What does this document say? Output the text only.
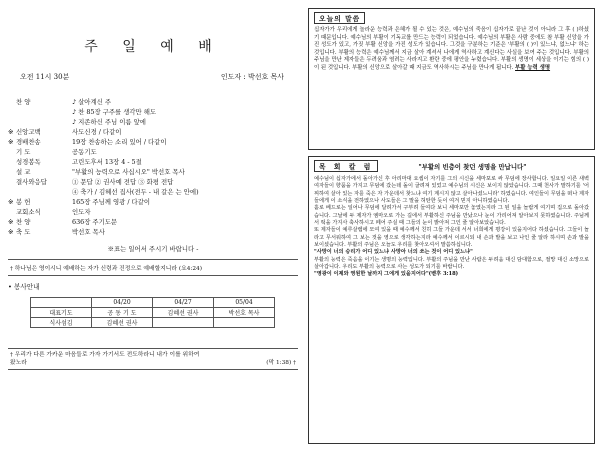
주 일 예 배
오전 11시 30분	인도자 : 박선호 목사
찬 양	♪ 살아계신 주
♪ 찬 85장 구주를 생각만 해도
♪ 지존하신 주님 이름 앞에
※ 신앙고백	사도신경 / 다같이
※ 경배찬송	19장 찬송하는 소리 있어 / 다같이
기 도	공동기도
성경봉독	고린도후서 13장 4 - 5절
설 교	"부활의 능력으로 사십시오" 박선호 목사
결사와응답	① 문답 ② 권사예 전답 ③ 화평 전답
④ 축가 / 김혜선 집사(전두 - 내 갈은 는 안에)
※ 봉 헌	165장 주님께 영광 / 다같이
교회소식	인도자
※ 찬 양	636장 주기도문
※ 축 도	박선호 목사
※표는 일어서 주시기 바랍니다 -
† 하나님은 영이시니 예배하는 자가 신령과 진정으로 예배할지니라 (요4:24)
• 봉사안내
	04/20	04/27	05/04
대표기도	공 동 기 도	김혜선 권사	박선호 목사
식사섬김	김혜선 권사		
† 우리가 다른 가카운 마음들로 가자 가기서도 전도하라니 내가 이를 위하여
왔노라	(막 1:38) †
오늘의 말씀
십자가가 우리에게 놀라운 능력과 은혜가 될 수 있는 것은, 예수님의 죽음이 십자가로 끝난 것이 아니라 그 후 ( )하셨기 때문입니다. 예수님의 부활이 기독교를 만드는 능력이 되었습니다. 예수님의 부활은 사람 중에도 참 부활 신앙을 가진 성도가 있고, 가짓 부활 신앙을 가진 성도가 있습니다. 그것을 구분하는 기준은 '부활의 ( )이 있느냐, 없느냐' 하는 것입니다. 부활의 능력은 예수님께서 지금 살아 계셔서 나에게 역사하고 계신다는 사실을 보여 주는 것입니다. 부활의 주님을 만난 제자들은 두려움과 염려는 사라지고 환란 중에 평안을 누렸습니다. 부활의 생명이 세상을 이기는 힘의 ( )이 된 것입니다. 부활의 신앙으로 살아갈 때 지금도 역사하시는 주님을 만나게 됩니다. 부활 능력 생명
목 회 칼 럼	"부활의 빈층이 찾던 생명을 만납니다"
예수님이 십자가에서 돌아가신 후 아리마대 요셉이 자기를 그의 시신을 세마포로 싸 무덤에 장사합니다. 일요일 이른 새벽 여자들이 향품을 가지고 무덤에 갔는데 돌이 굴려져 있었고 예수님의 시신은 보이지 않았습니다. 그때 천사가 말하기를 '어찌하여 살아 있는 자를 죽은 자 가운데서 찾느냐 여기 계시지 않고 살아나셨느니라' 하였습니다. 여인들이 무덤을 떠나 제자들에게 이 소식을 전하였으나 사도들은 그 말을 허탄한 듯이 여겨 믿지 아니하였습니다.
홀로 베드로는 일어나 무덤에 달려가서 구부려 들여다 보니 세마포만 놓였는지라 그 된 일을 놀랍게 여기며 집으로 돌아갔습니다. 그날에 두 제자가 엠마오로 가는 길에서 부활하신 주님을 만났으나 눈이 가리어져 알아보지 못하였습니다. 주님께서 떡을 가지사 축사하시고 떼어 주실 때 그들의 눈이 밝아져 그인 줄 알아보았습니다.
또 제자들이 예루살렘에 모여 있을 때 예수께서 친히 그들 가운데 서서 너희에게 평강이 있을지어다 하셨습니다. 그들이 놀라고 무서워하여 그 보는 것을 영으로 생각하는지라 예수께서 이르시되 내 손과 발을 보고 나인 줄 알라 하시며 손과 발을 보이셨습니다. 부활의 주님은 오늘도 우리를 찾아오셔서 말씀하십니다.
"사망이 너의 승리가 어디 있느냐 사망아 너의 쏘는 것이 어디 있느냐"
부활의 능력은 죽음을 이기는 생명의 능력입니다. 부활의 주님을 만난 사람은 두려움 대신 담대함으로, 절망 대신 소망으로 살아갑니다. 우리도 부활의 능력으로 사는 성도가 되기를 바랍니다.
"영광이 이제와 영원한 날까지 그에게 있을지어다"(벧후 3:18)
